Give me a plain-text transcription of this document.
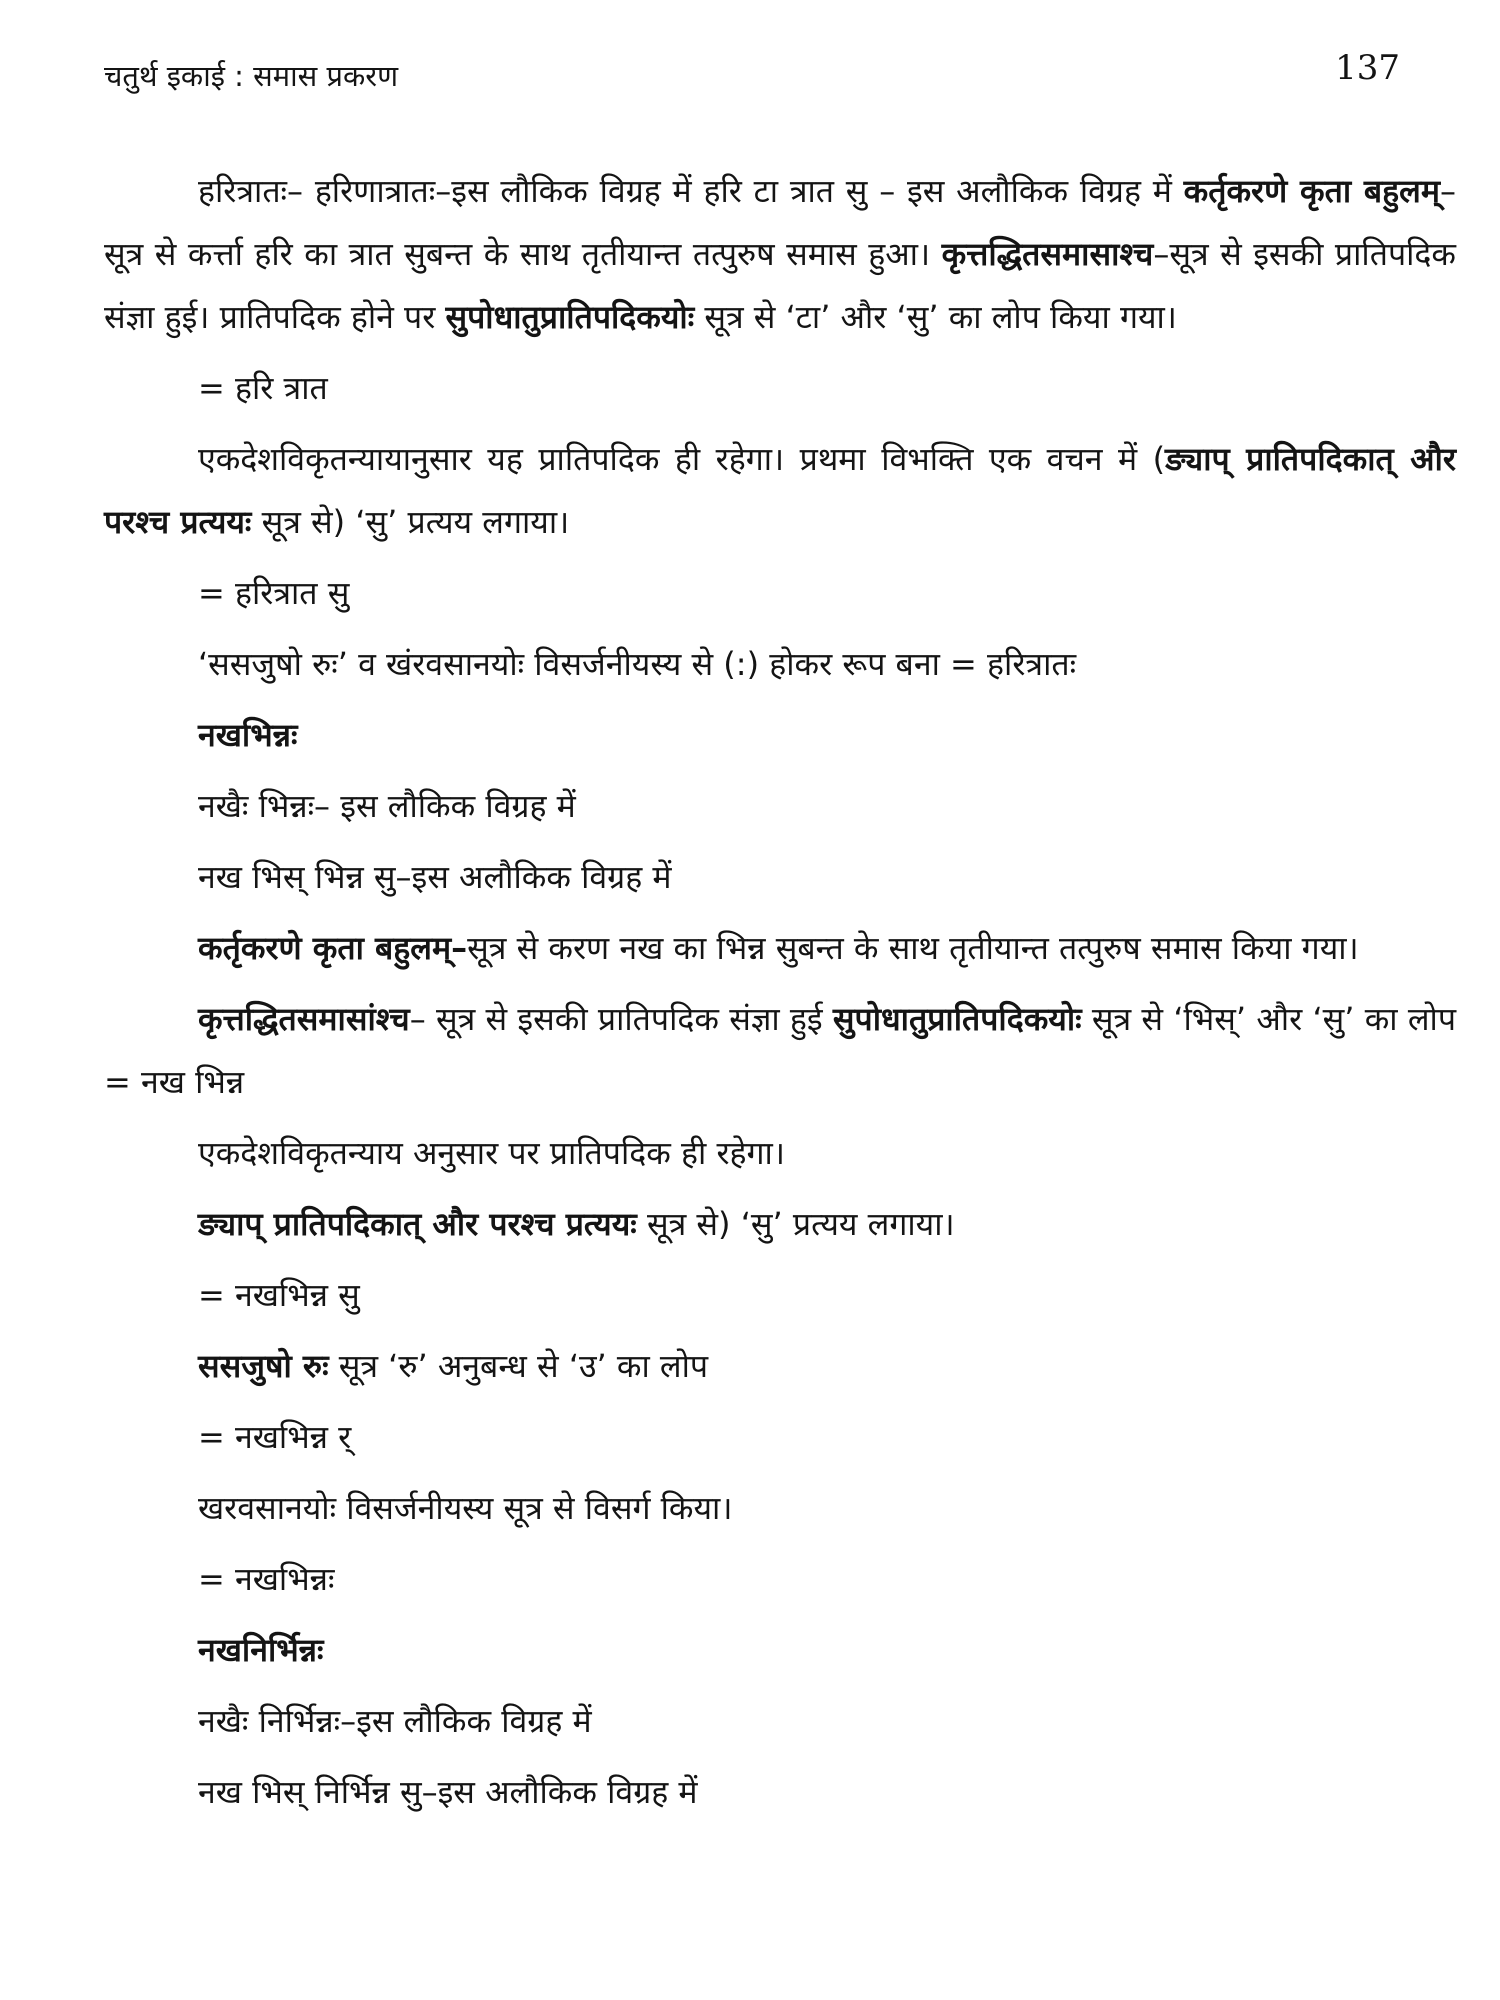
चतुर्थ इकाई : समास प्रकरण	137

हरित्रातः– हरिणात्रातः–इस लौकिक विग्रह में हरि टा त्रात सु – इस अलौकिक विग्रह में कर्तृकरणे कृता बहुलम्–सूत्र से कर्त्ता हरि का त्रात सुबन्त के साथ तृतीयान्त तत्पुरुष समास हुआ। कृत्तद्धितसमासाश्च–सूत्र से इसकी प्रातिपदिक संज्ञा हुई। प्रातिपदिक होने पर सुपोधातुप्रातिपदिकयोः सूत्र से ‘टा’ और ‘सु’ का लोप किया गया।

= हरि त्रात

एकदेशविकृतन्यायानुसार यह प्रातिपदिक ही रहेगा। प्रथमा विभक्ति एक वचन में (ङ्याप् प्रातिपदिकात् और परश्च प्रत्ययः सूत्र से) ‘सु’ प्रत्यय लगाया।

= हरित्रात सु

‘ससजुषो रुः’ व खंरवसानयोः विसर्जनीयस्य से (:) होकर रूप बना = हरित्रातः

नखभिन्नः

नखैः भिन्नः– इस लौकिक विग्रह में

नख भिस् भिन्न सु–इस अलौकिक विग्रह में

कर्तृकरणे कृता बहुलम्–सूत्र से करण नख का भिन्न सुबन्त के साथ तृतीयान्त तत्पुरुष समास किया गया।

कृत्तद्धितसमासांश्च– सूत्र से इसकी प्रातिपदिक संज्ञा हुई सुपोधातुप्रातिपदिकयोः सूत्र से ‘भिस्’ और ‘सु’ का लोप = नख भिन्न

एकदेशविकृतन्याय अनुसार पर प्रातिपदिक ही रहेगा।

ङ्याप् प्रातिपदिकात् और परश्च प्रत्ययः सूत्र से) ‘सु’ प्रत्यय लगाया।

= नखभिन्न सु

ससजुषो रुः सूत्र ‘रु’ अनुबन्ध से ‘उ’ का लोप

= नखभिन्न र्

खरवसानयोः विसर्जनीयस्य सूत्र से विसर्ग किया।

= नखभिन्नः

नखनिर्भिन्नः

नखैः निर्भिन्नः–इस लौकिक विग्रह में

नख भिस् निर्भिन्न सु–इस अलौकिक विग्रह में
